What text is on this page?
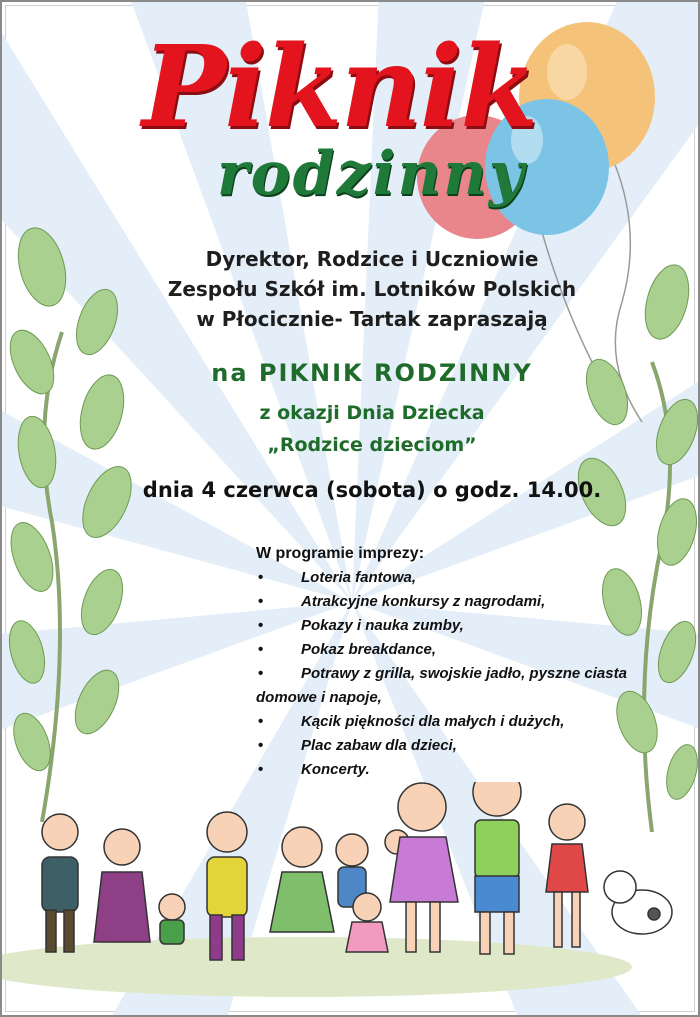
Piknik
rodzinny
Dyrektor, Rodzice i Uczniowie
Zespołu Szkół im. Lotników Polskich
w Płocicznie- Tartak zapraszają
na PIKNIK RODZINNY
z okazji Dnia Dziecka
„Rodzice dzieciom”
dnia 4 czerwca (sobota) o godz. 14.00.
W programie imprezy:
• Loteria fantowa,
• Atrakcyjne konkursy z nagrodami,
• Pokazy i nauka zumby,
• Pokaz breakdance,
• Potrawy z grilla, swojskie jadło, pyszne ciasta domowe i napoje,
• Kącik piękności dla małych i dużych,
• Plac zabaw dla dzieci,
• Koncerty.
